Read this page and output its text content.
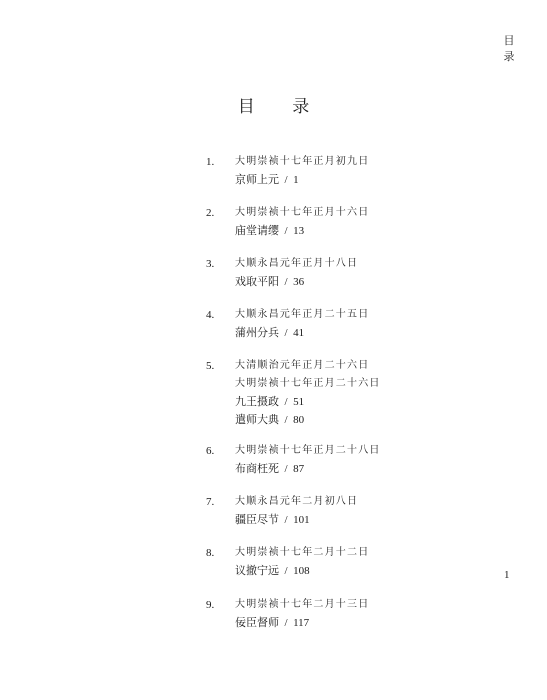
目
录
目 录
1.	大明崇祯十七年正月初九日
京师上元  /  1
2.	大明崇祯十七年正月十六日
庙堂请缨  /  13
3.	大顺永昌元年正月十八日
戏取平阳  /  36
4.	大顺永昌元年正月二十五日
蒲州分兵  /  41
5.	大清顺治元年正月二十六日
大明崇祯十七年正月二十六日
九王摄政  /  51
遣师大典  /  80
6.	大明崇祯十七年正月二十八日
布商枉死  /  87
7.	大顺永昌元年二月初八日
疆臣尽节  /  101
8.	大明崇祯十七年二月十二日
议撤宁远  /  108
9.	大明崇祯十七年二月十三日
佞臣督师  /  117
1
